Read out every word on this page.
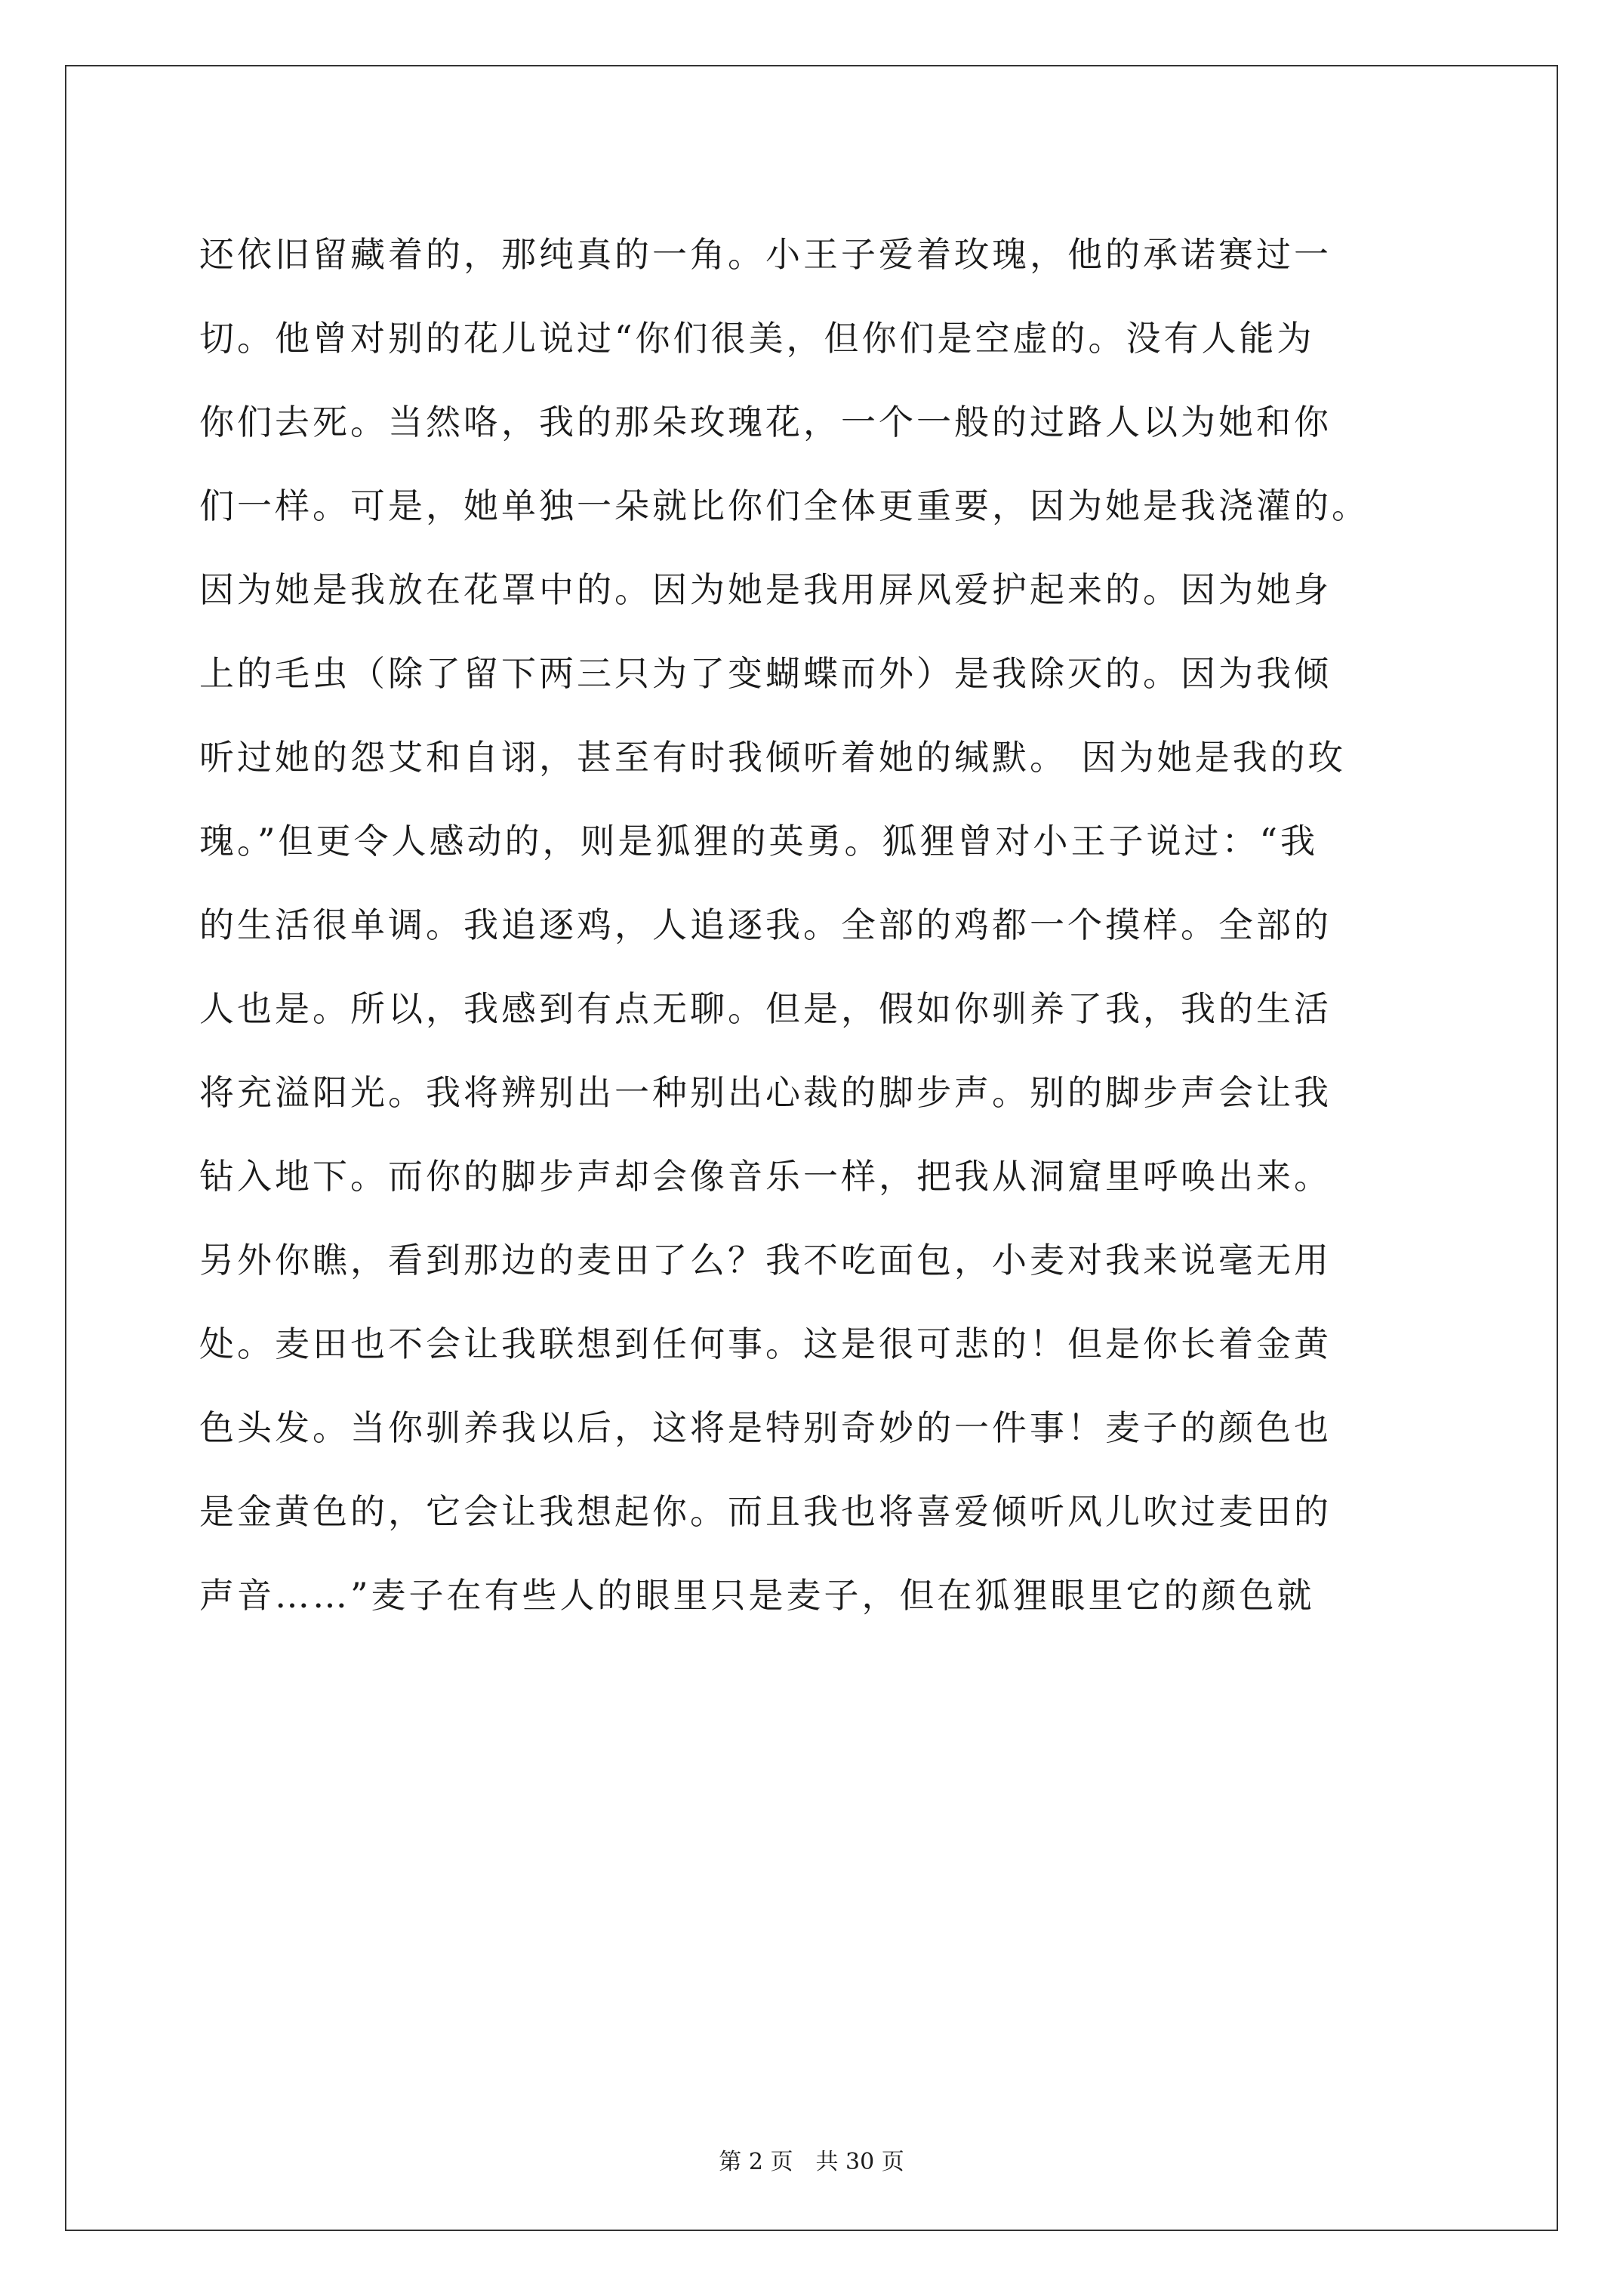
还依旧留藏着的，那纯真的一角。小王子爱着玫瑰，他的承诺赛过一
切。他曾对别的花儿说过“你们很美，但你们是空虚的。没有人能为
你们去死。当然咯，我的那朵玫瑰花，一个一般的过路人以为她和你
们一样。可是，她单独一朵就比你们全体更重要，因为她是我浇灌的。
因为她是我放在花罩中的。因为她是我用屏风爱护起来的。因为她身
上的毛虫（除了留下两三只为了变蝴蝶而外）是我除灭的。因为我倾
听过她的怨艾和自诩，甚至有时我倾听着她的缄默。 因为她是我的玫
瑰。”但更令人感动的，则是狐狸的英勇。狐狸曾对小王子说过：“我
的生活很单调。我追逐鸡，人追逐我。全部的鸡都一个摸样。全部的
人也是。所以，我感到有点无聊。但是，假如你驯养了我，我的生活
将充溢阳光。我将辨别出一种别出心裁的脚步声。别的脚步声会让我
钻入地下。而你的脚步声却会像音乐一样，把我从洞窟里呼唤出来。
另外你瞧，看到那边的麦田了么？我不吃面包，小麦对我来说毫无用
处。麦田也不会让我联想到任何事。这是很可悲的！但是你长着金黄
色头发。当你驯养我以后，这将是特别奇妙的一件事！麦子的颜色也
是金黄色的，它会让我想起你。而且我也将喜爱倾听风儿吹过麦田的
声音……”麦子在有些人的眼里只是麦子，但在狐狸眼里它的颜色就
第 2 页 共 30 页
